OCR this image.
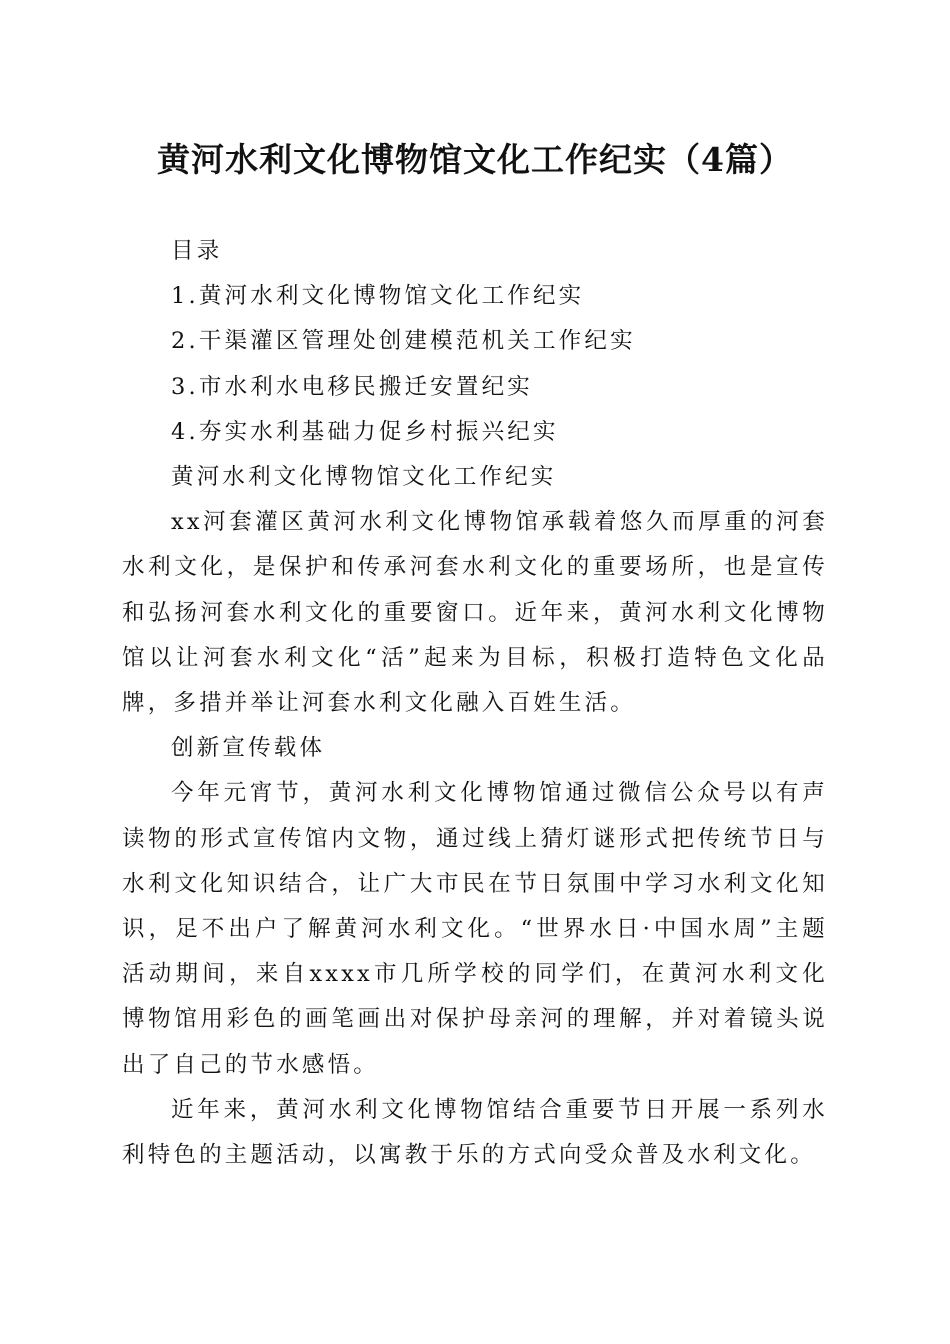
黄河水利文化博物馆文化工作纪实（4篇）

目录

1.黄河水利文化博物馆文化工作纪实

2.干渠灌区管理处创建模范机关工作纪实

3.市水利水电移民搬迁安置纪实

4.夯实水利基础力促乡村振兴纪实

黄河水利文化博物馆文化工作纪实

xx河套灌区黄河水利文化博物馆承载着悠久而厚重的河套水利文化，是保护和传承河套水利文化的重要场所，也是宣传和弘扬河套水利文化的重要窗口。近年来，黄河水利文化博物馆以让河套水利文化“活”起来为目标，积极打造特色文化品牌，多措并举让河套水利文化融入百姓生活。

创新宣传载体

今年元宵节，黄河水利文化博物馆通过微信公众号以有声读物的形式宣传馆内文物，通过线上猜灯谜形式把传统节日与水利文化知识结合，让广大市民在节日氛围中学习水利文化知识，足不出户了解黄河水利文化。“世界水日·中国水周”主题活动期间，来自xxxx市几所学校的同学们，在黄河水利文化博物馆用彩色的画笔画出对保护母亲河的理解，并对着镜头说出了自己的节水感悟。

近年来，黄河水利文化博物馆结合重要节日开展一系列水利特色的主题活动，以寓教于乐的方式向受众普及水利文化。
